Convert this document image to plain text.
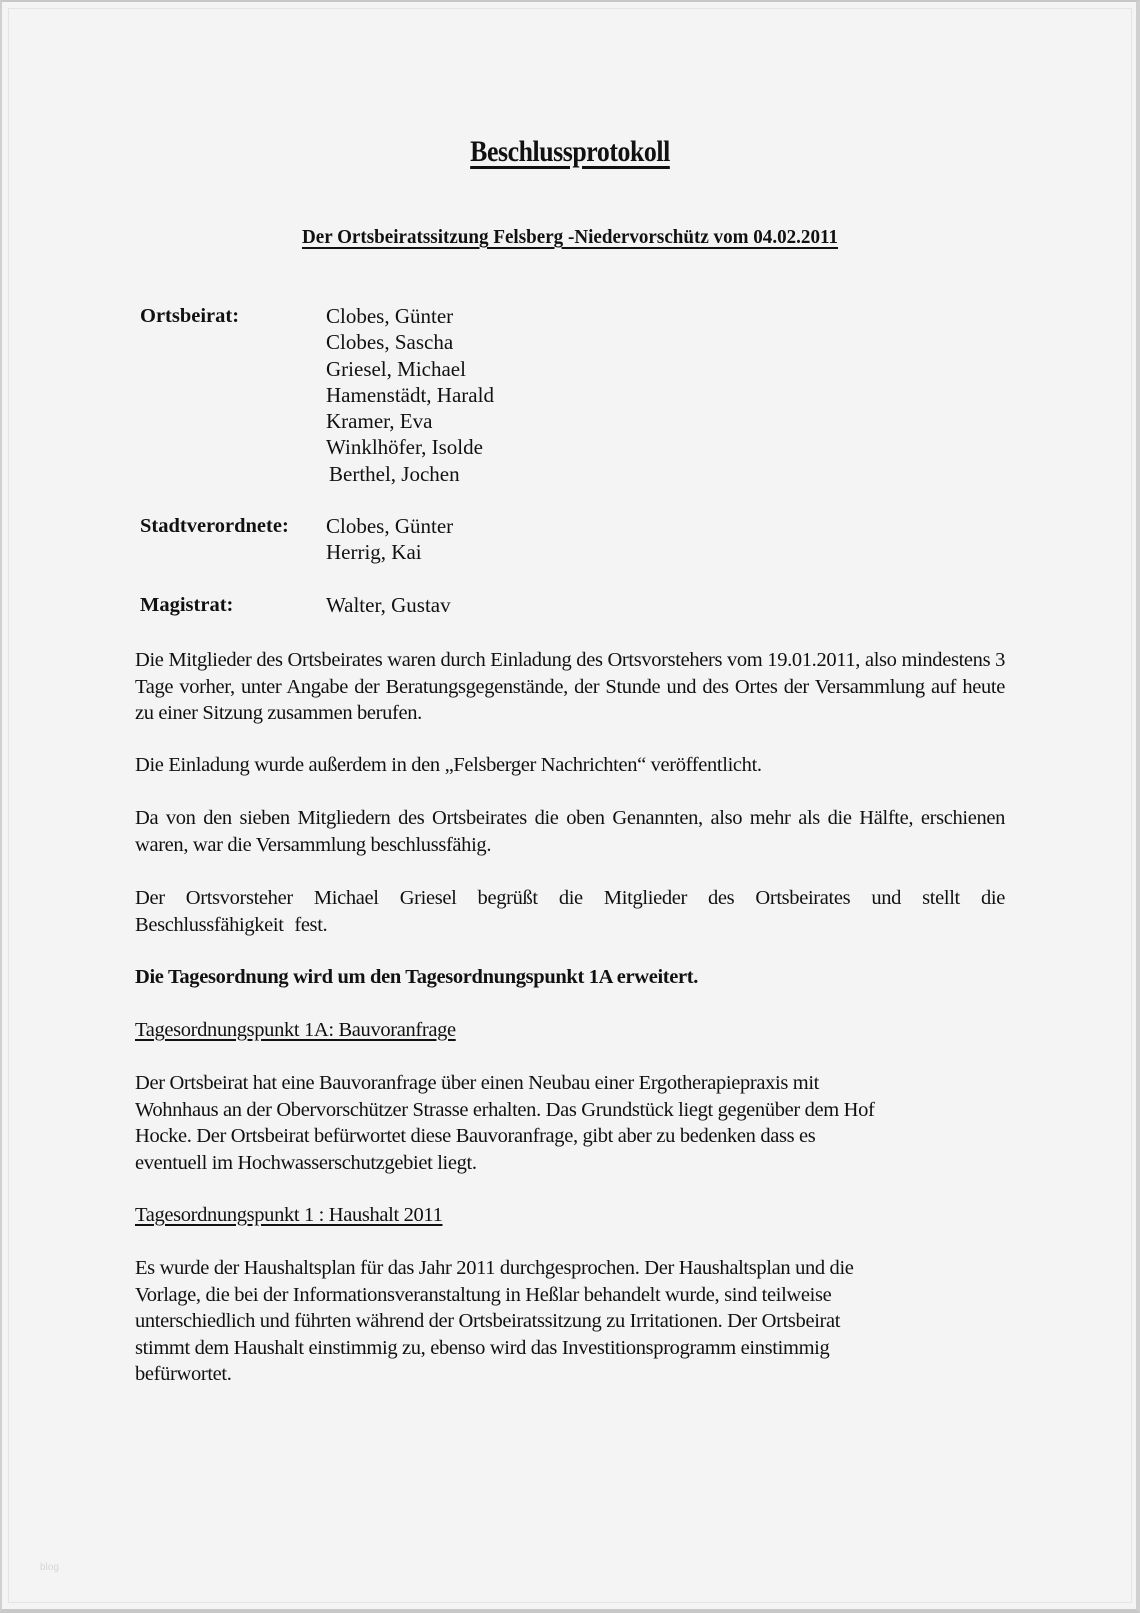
Beschlussprotokoll
Der Ortsbeiratssitzung Felsberg -Niedervorschütz vom 04.02.2011
Ortsbeirat:	Clobes, Günter
Clobes, Sascha
Griesel, Michael
Hamenstädt, Harald
Kramer, Eva
Winklhöfer, Isolde
Berthel, Jochen
Stadtverordnete:	Clobes, Günter
Herrig, Kai
Magistrat:	Walter, Gustav

Die Mitglieder des Ortsbeirates waren durch Einladung des Ortsvorstehers vom 19.01.2011, also mindestens 3 Tage vorher, unter Angabe der Beratungsgegenstände, der Stunde und des Ortes der Versammlung auf heute zu einer Sitzung zusammen berufen.

Die Einladung wurde außerdem in den „Felsberger Nachrichten“ veröffentlicht.

Da von den sieben Mitgliedern des Ortsbeirates die oben Genannten, also mehr als die Hälfte, erschienen waren, war die Versammlung beschlussfähig.

Der Ortsvorsteher Michael Griesel begrüßt die Mitglieder des Ortsbeirates und stellt die Beschlussfähigkeit fest.

Die Tagesordnung wird um den Tagesordnungspunkt 1A erweitert.

Tagesordnungspunkt 1A: Bauvoranfrage

Der Ortsbeirat hat eine Bauvoranfrage über einen Neubau einer Ergotherapiepraxis mit
Wohnhaus an der Obervorschützer Strasse erhalten. Das Grundstück liegt gegenüber dem Hof
Hocke. Der Ortsbeirat befürwortet diese Bauvoranfrage, gibt aber zu bedenken dass es
eventuell im Hochwasserschutzgebiet liegt.

Tagesordnungspunkt 1 : Haushalt 2011

Es wurde der Haushaltsplan für das Jahr 2011 durchgesprochen. Der Haushaltsplan und die
Vorlage, die bei der Informationsveranstaltung in Heßlar behandelt wurde, sind teilweise
unterschiedlich und führten während der Ortsbeiratssitzung zu Irritationen. Der Ortsbeirat
stimmt dem Haushalt einstimmig zu, ebenso wird das Investitionsprogramm einstimmig
befürwortet.
blog
